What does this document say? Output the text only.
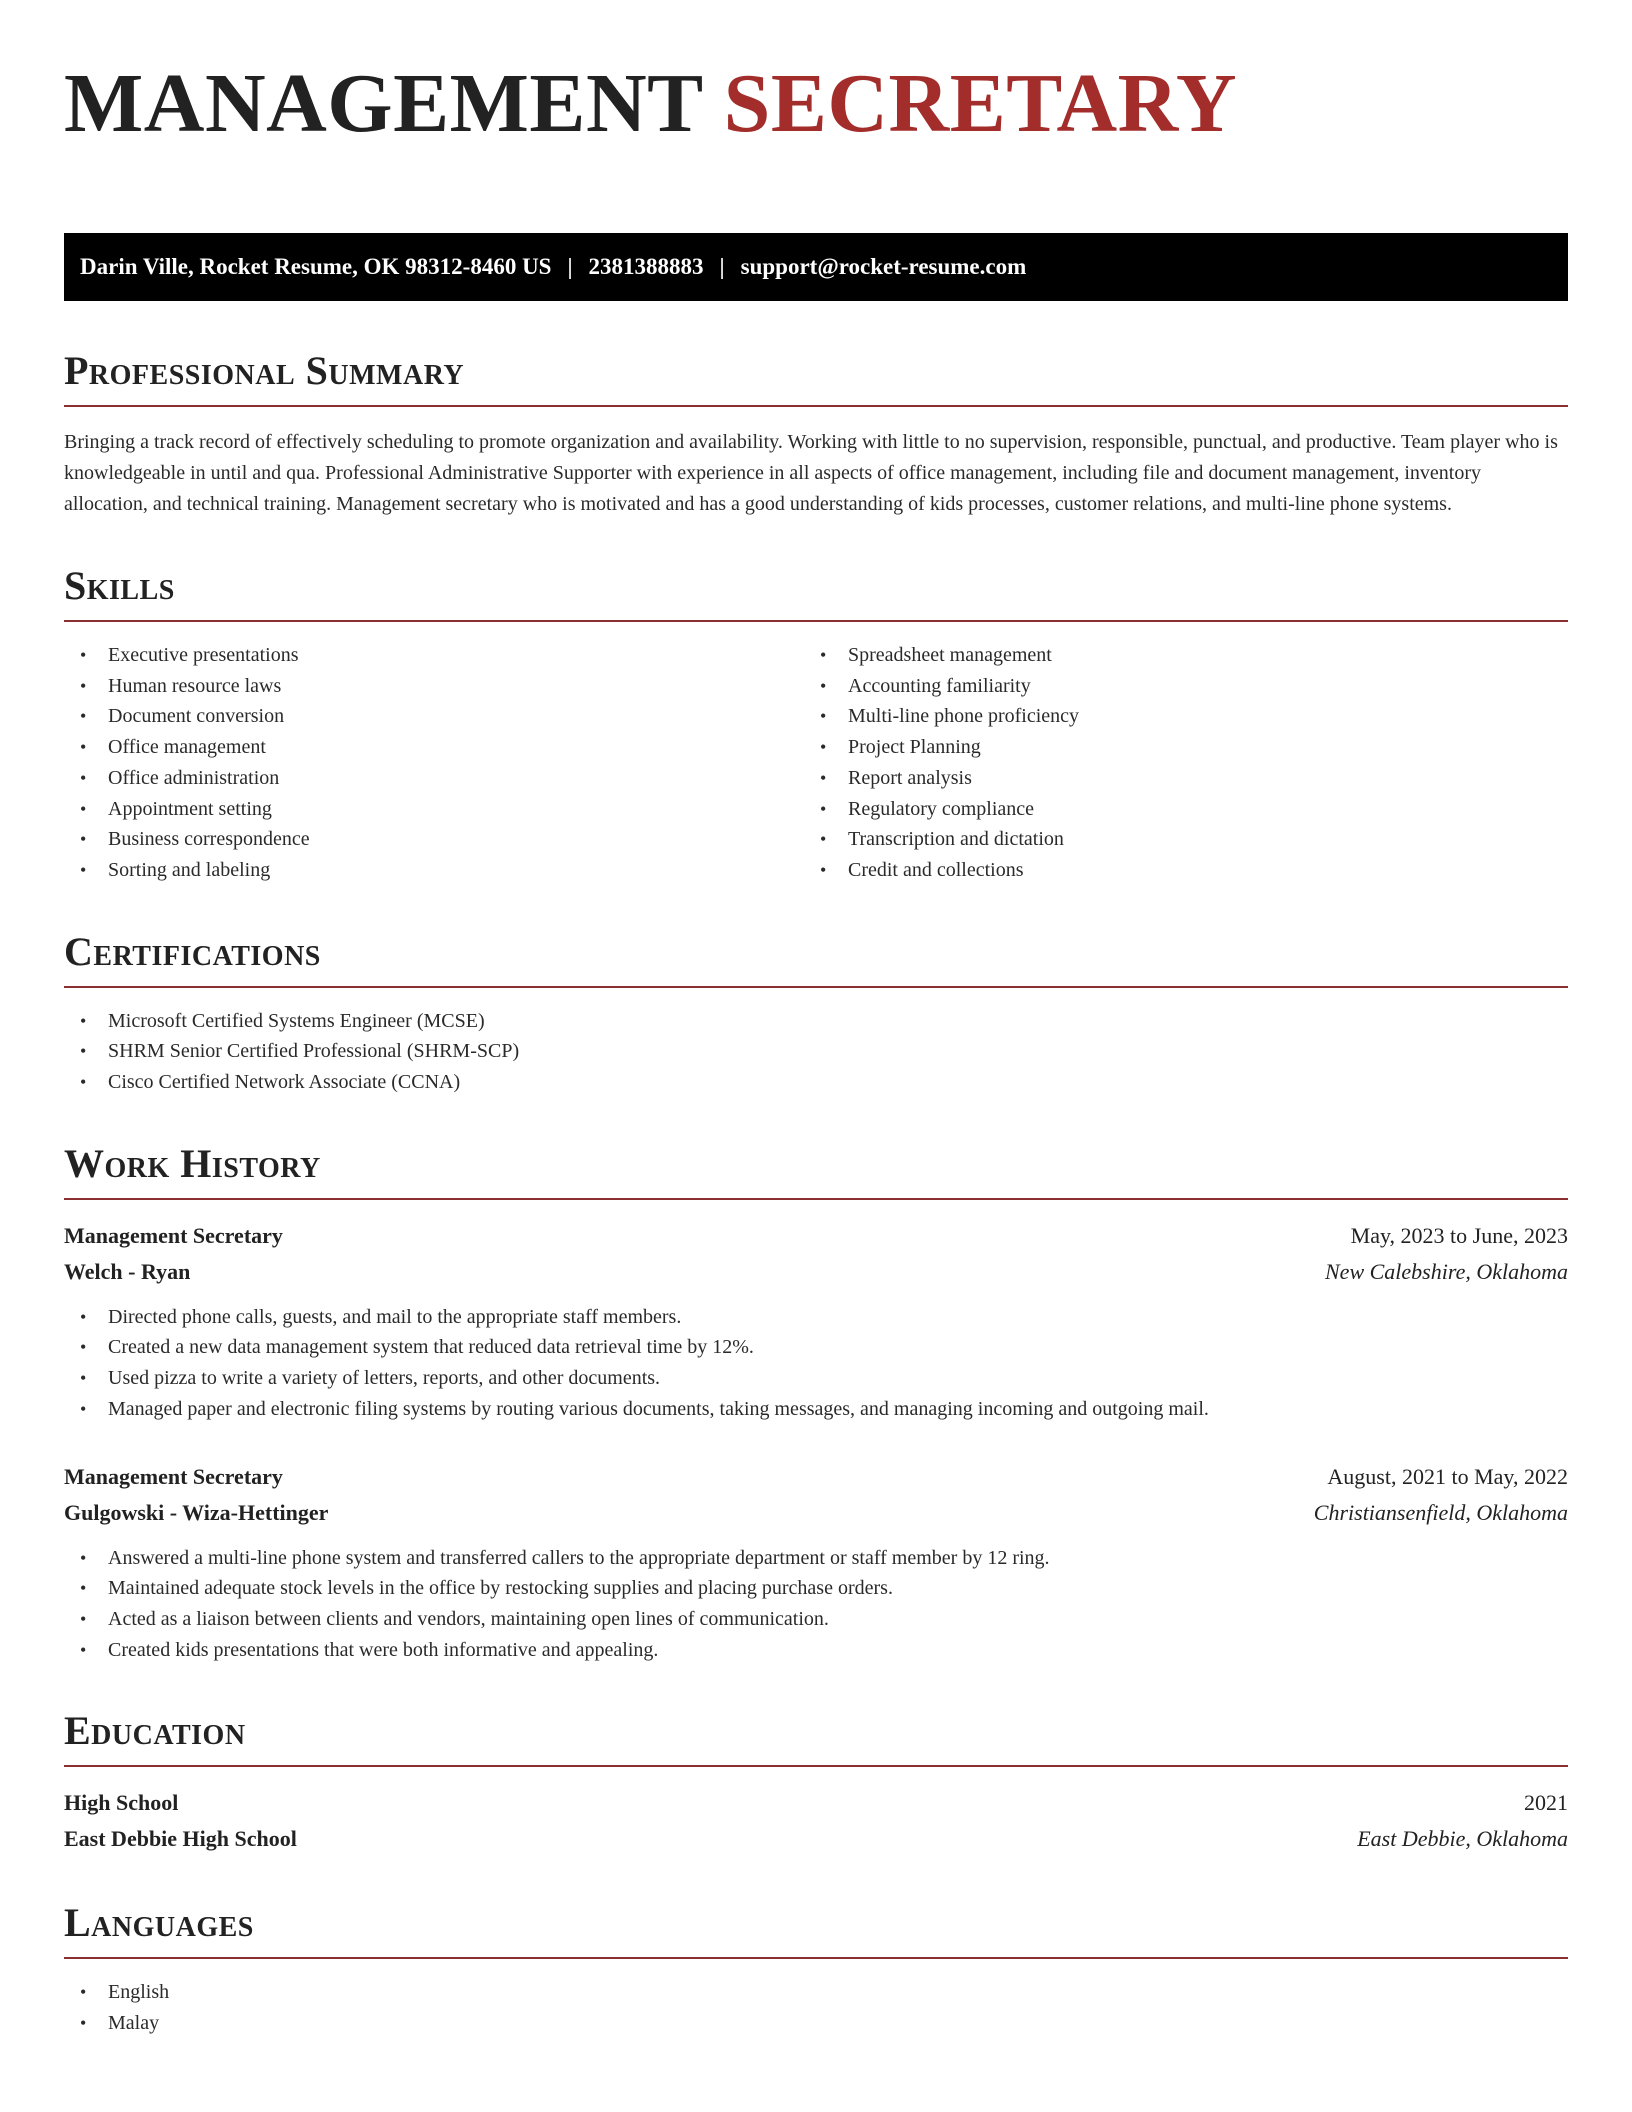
MANAGEMENT SECRETARY
Darin Ville, Rocket Resume, OK 98312-8460 US | 2381388883 | support@rocket-resume.com
Professional Summary

Bringing a track record of effectively scheduling to promote organization and availability. Working with little to no supervision, responsible, punctual, and productive. Team player who is knowledgeable in until and qua. Professional Administrative Supporter with experience in all aspects of office management, including file and document management, inventory allocation, and technical training. Management secretary who is motivated and has a good understanding of kids processes, customer relations, and multi-line phone systems.

Skills
• Executive presentations
• Human resource laws
• Document conversion
• Office management
• Office administration
• Appointment setting
• Business correspondence
• Sorting and labeling
• Spreadsheet management
• Accounting familiarity
• Multi-line phone proficiency
• Project Planning
• Report analysis
• Regulatory compliance
• Transcription and dictation
• Credit and collections
Certifications
• Microsoft Certified Systems Engineer (MCSE)
• SHRM Senior Certified Professional (SHRM-SCP)
• Cisco Certified Network Associate (CCNA)
Work History
Management Secretary	May, 2023 to June, 2023
Welch - Ryan	New Calebshire, Oklahoma
• Directed phone calls, guests, and mail to the appropriate staff members.
• Created a new data management system that reduced data retrieval time by 12%.
• Used pizza to write a variety of letters, reports, and other documents.
• Managed paper and electronic filing systems by routing various documents, taking messages, and managing incoming and outgoing mail.
Management Secretary	August, 2021 to May, 2022
Gulgowski - Wiza-Hettinger	Christiansenfield, Oklahoma
• Answered a multi-line phone system and transferred callers to the appropriate department or staff member by 12 ring.
• Maintained adequate stock levels in the office by restocking supplies and placing purchase orders.
• Acted as a liaison between clients and vendors, maintaining open lines of communication.
• Created kids presentations that were both informative and appealing.
Education
High School	2021
East Debbie High School	East Debbie, Oklahoma
Languages
• English
• Malay
